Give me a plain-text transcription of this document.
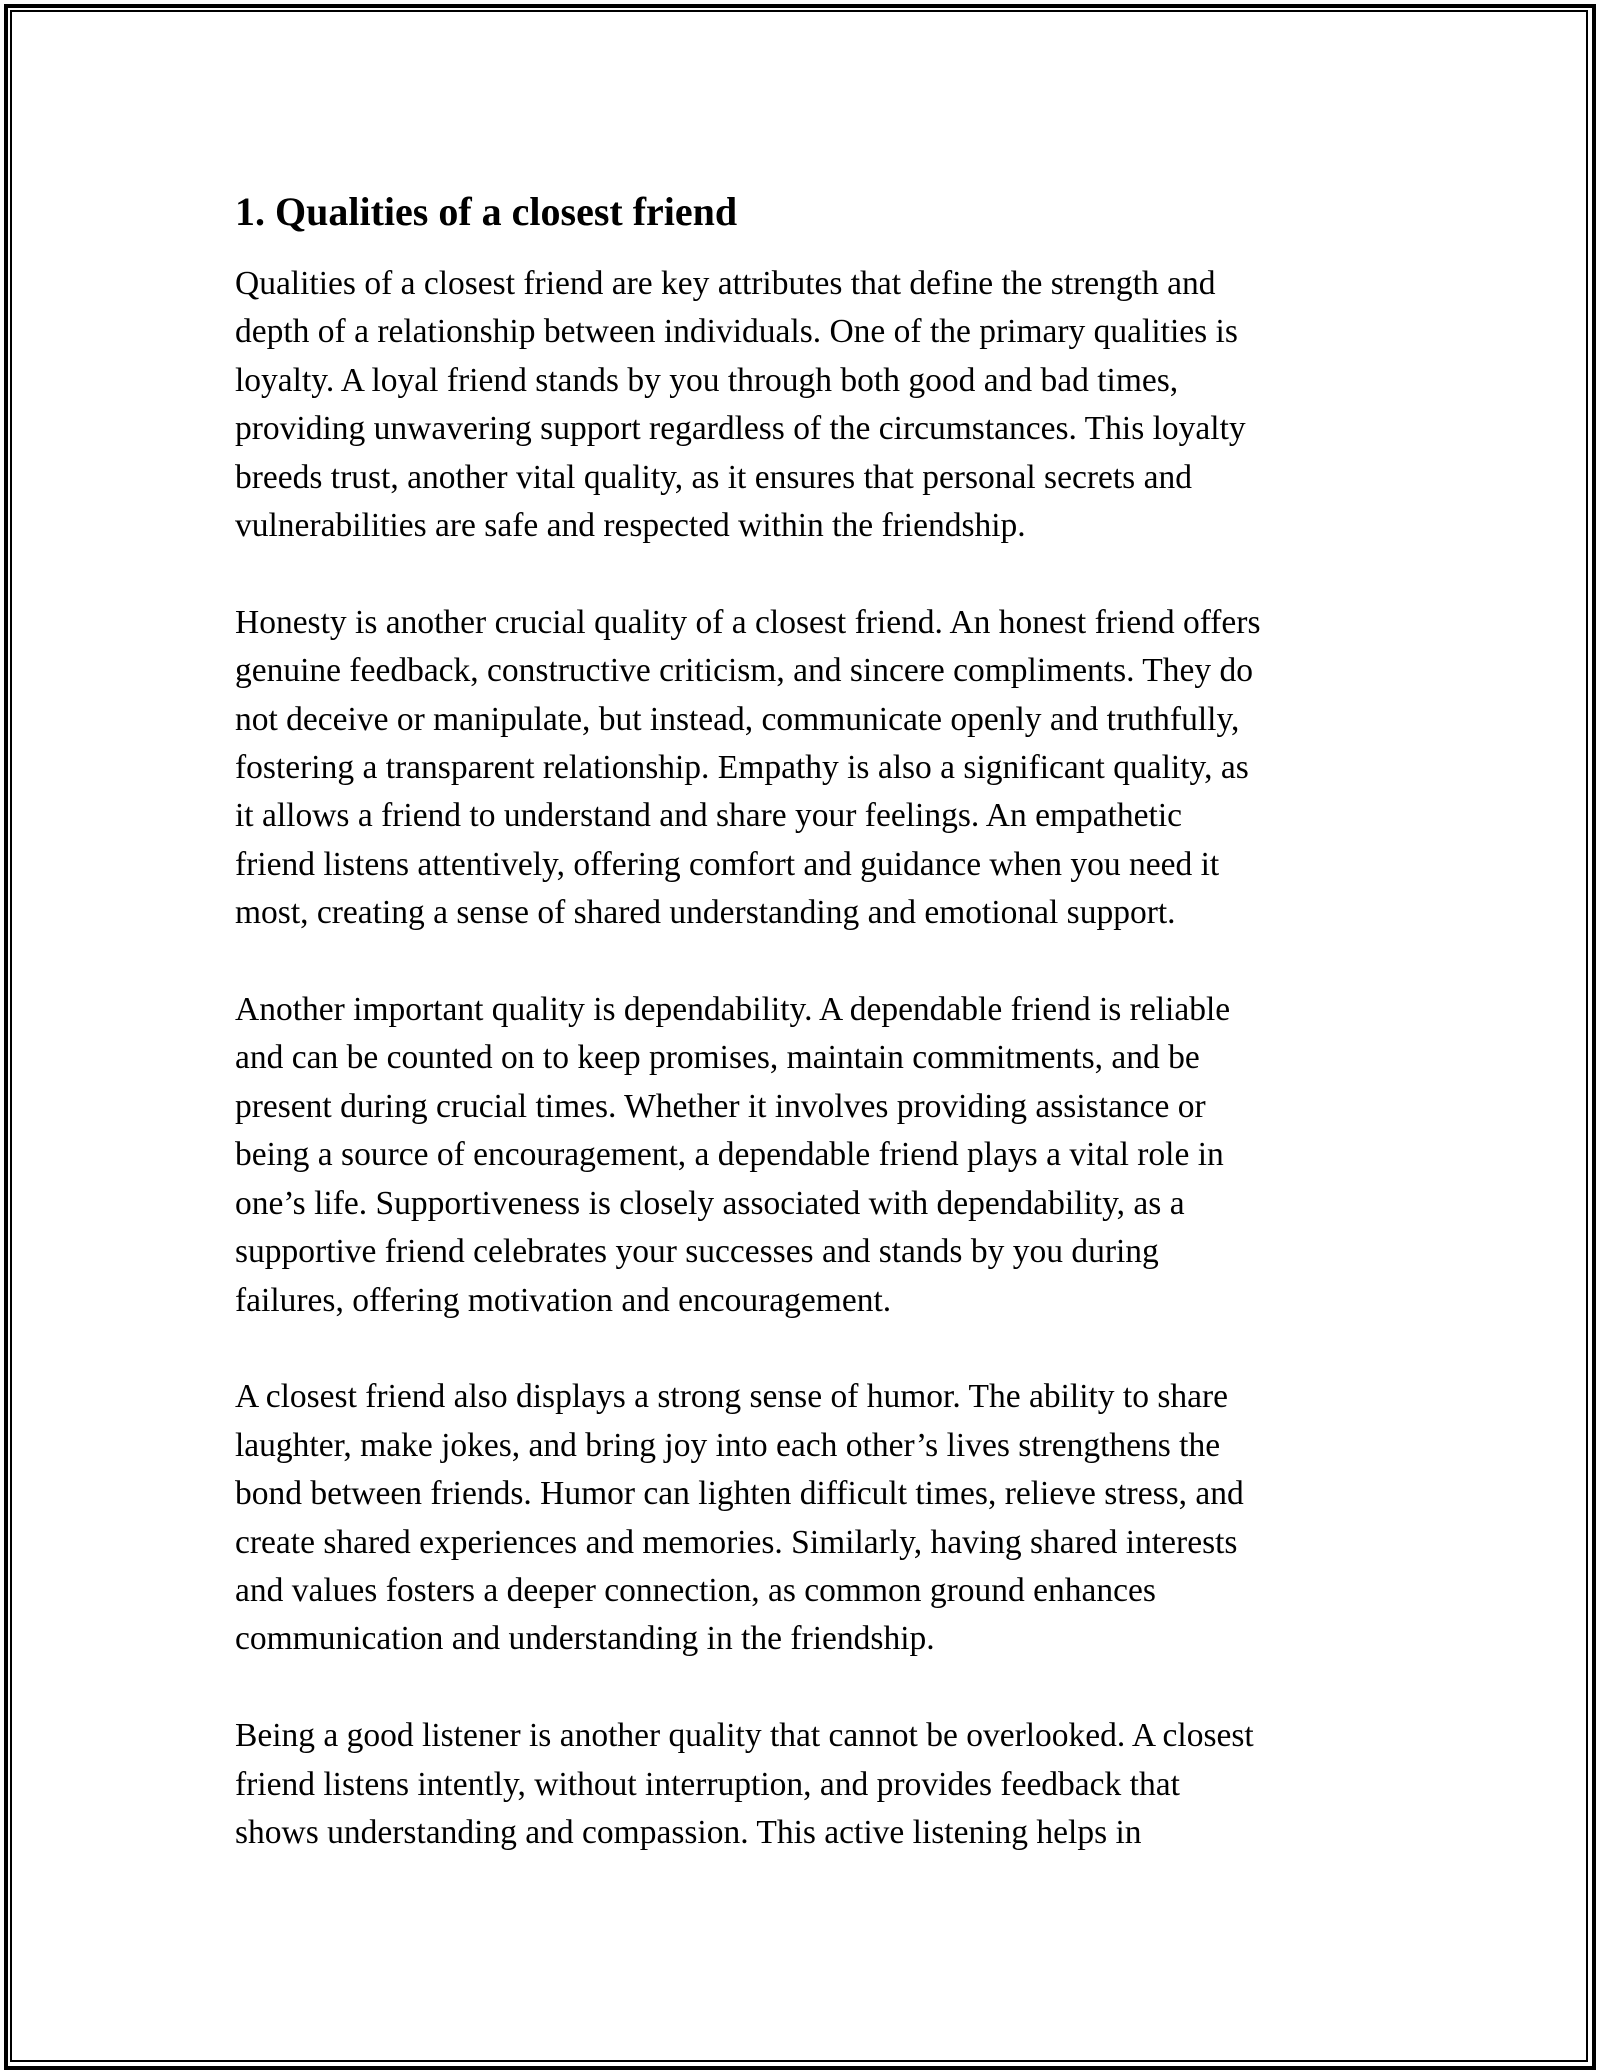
1. Qualities of a closest friend

Qualities of a closest friend are key attributes that define the strength and
depth of a relationship between individuals. One of the primary qualities is
loyalty. A loyal friend stands by you through both good and bad times,
providing unwavering support regardless of the circumstances. This loyalty
breeds trust, another vital quality, as it ensures that personal secrets and
vulnerabilities are safe and respected within the friendship.

Honesty is another crucial quality of a closest friend. An honest friend offers
genuine feedback, constructive criticism, and sincere compliments. They do
not deceive or manipulate, but instead, communicate openly and truthfully,
fostering a transparent relationship. Empathy is also a significant quality, as
it allows a friend to understand and share your feelings. An empathetic
friend listens attentively, offering comfort and guidance when you need it
most, creating a sense of shared understanding and emotional support.

Another important quality is dependability. A dependable friend is reliable
and can be counted on to keep promises, maintain commitments, and be
present during crucial times. Whether it involves providing assistance or
being a source of encouragement, a dependable friend plays a vital role in
one’s life. Supportiveness is closely associated with dependability, as a
supportive friend celebrates your successes and stands by you during
failures, offering motivation and encouragement.

A closest friend also displays a strong sense of humor. The ability to share
laughter, make jokes, and bring joy into each other’s lives strengthens the
bond between friends. Humor can lighten difficult times, relieve stress, and
create shared experiences and memories. Similarly, having shared interests
and values fosters a deeper connection, as common ground enhances
communication and understanding in the friendship.

Being a good listener is another quality that cannot be overlooked. A closest
friend listens intently, without interruption, and provides feedback that
shows understanding and compassion. This active listening helps in
